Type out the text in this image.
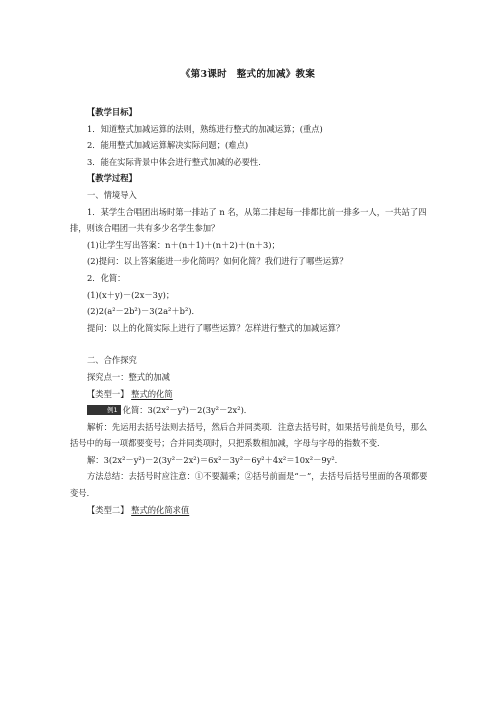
《第3课时　整式的加减》教案

【教学目标】

1．知道整式加减运算的法则，熟练进行整式的加减运算；(重点)

2．能用整式加减运算解决实际问题；(难点)

3．能在实际背景中体会进行整式加减的必要性．

【教学过程】

一、情境导入

1．某学生合唱团出场时第一排站了 n 名，从第二排起每一排都比前一排多一人，一共站了四排，则该合唱团一共有多少名学生参加？

(1)让学生写出答案：n＋(n＋1)＋(n＋2)＋(n＋3)；

(2)提问：以上答案能进一步化简吗？如何化简？我们进行了哪些运算？

2．化简：

(1)(x＋y)－(2x－3y)；

(2)2(a²－2b²)－3(2a²＋b²)．

提问：以上的化简实际上进行了哪些运算？怎样进行整式的加减运算？

二、合作探究

探究点一：整式的加减

【类型一】 整式的化简

例1 化简：3(2x²－y²)－2(3y²－2x²)．

解析：先运用去括号法则去括号，然后合并同类项．注意去括号时，如果括号前是负号，那么括号中的每一项都要变号；合并同类项时，只把系数相加减，字母与字母的指数不变．

解：3(2x²－y²)－2(3y²－2x²)＝6x²－3y²－6y²＋4x²＝10x²－9y².

方法总结：去括号时应注意：①不要漏乘；②括号前面是“－”，去括号后括号里面的各项都要变号．

【类型二】 整式的化简求值
